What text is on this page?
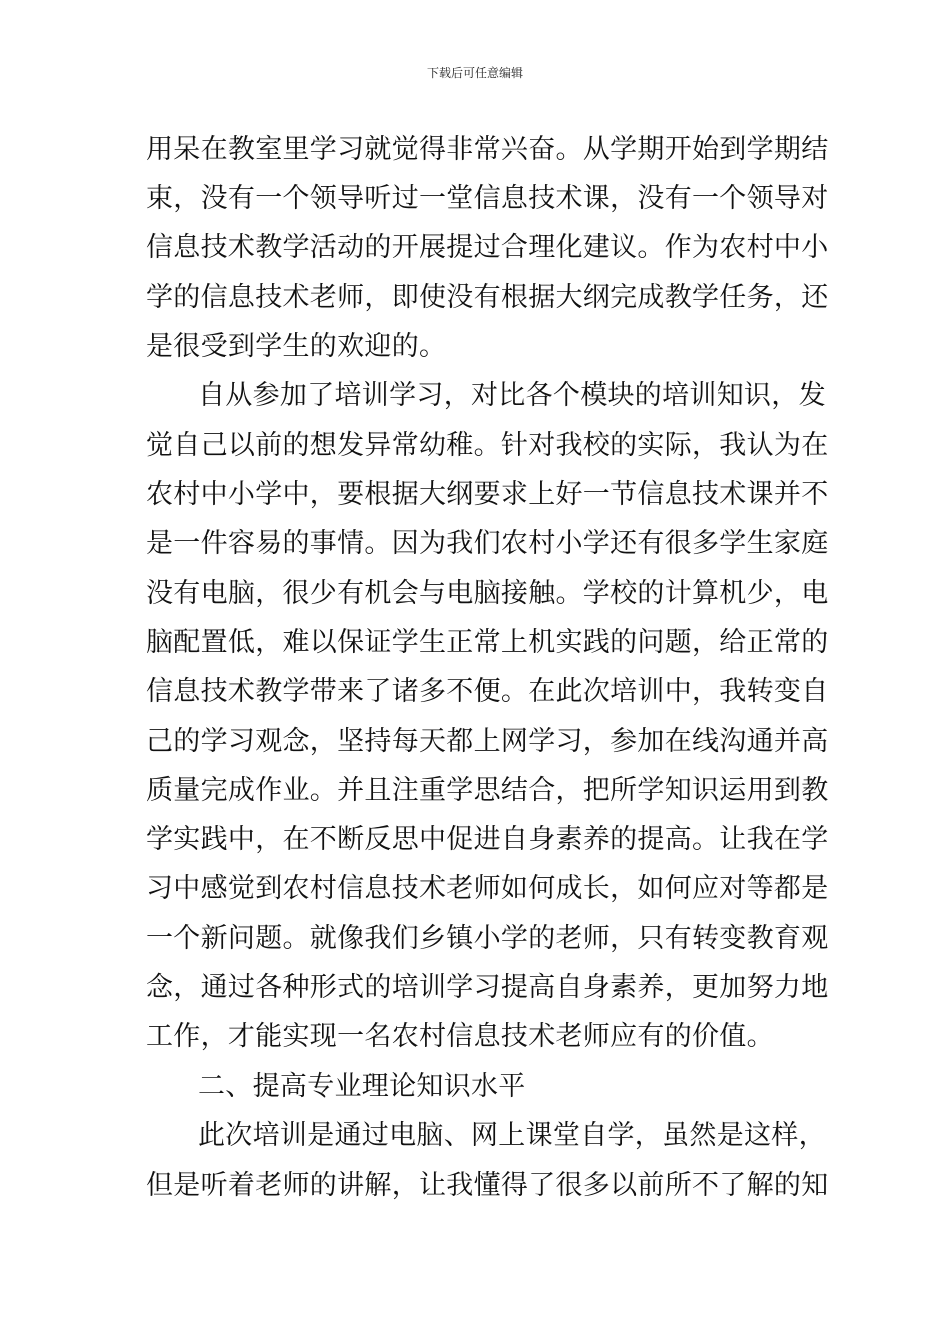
下载后可任意编辑
用呆在教室里学习就觉得非常兴奋。从学期开始到学期结
束，没有一个领导听过一堂信息技术课，没有一个领导对
信息技术教学活动的开展提过合理化建议。作为农村中小
学的信息技术老师，即使没有根据大纲完成教学任务，还
是很受到学生的欢迎的。
自从参加了培训学习，对比各个模块的培训知识，发
觉自己以前的想发异常幼稚。针对我校的实际，我认为在
农村中小学中，要根据大纲要求上好一节信息技术课并不
是一件容易的事情。因为我们农村小学还有很多学生家庭
没有电脑，很少有机会与电脑接触。学校的计算机少，电
脑配置低，难以保证学生正常上机实践的问题，给正常的
信息技术教学带来了诸多不便。在此次培训中，我转变自
己的学习观念，坚持每天都上网学习，参加在线沟通并高
质量完成作业。并且注重学思结合，把所学知识运用到教
学实践中，在不断反思中促进自身素养的提高。让我在学
习中感觉到农村信息技术老师如何成长，如何应对等都是
一个新问题。就像我们乡镇小学的老师，只有转变教育观
念，通过各种形式的培训学习提高自身素养，更加努力地
工作，才能实现一名农村信息技术老师应有的价值。
二、提高专业理论知识水平
此次培训是通过电脑、网上课堂自学，虽然是这样，
但是听着老师的讲解，让我懂得了很多以前所不了解的知
